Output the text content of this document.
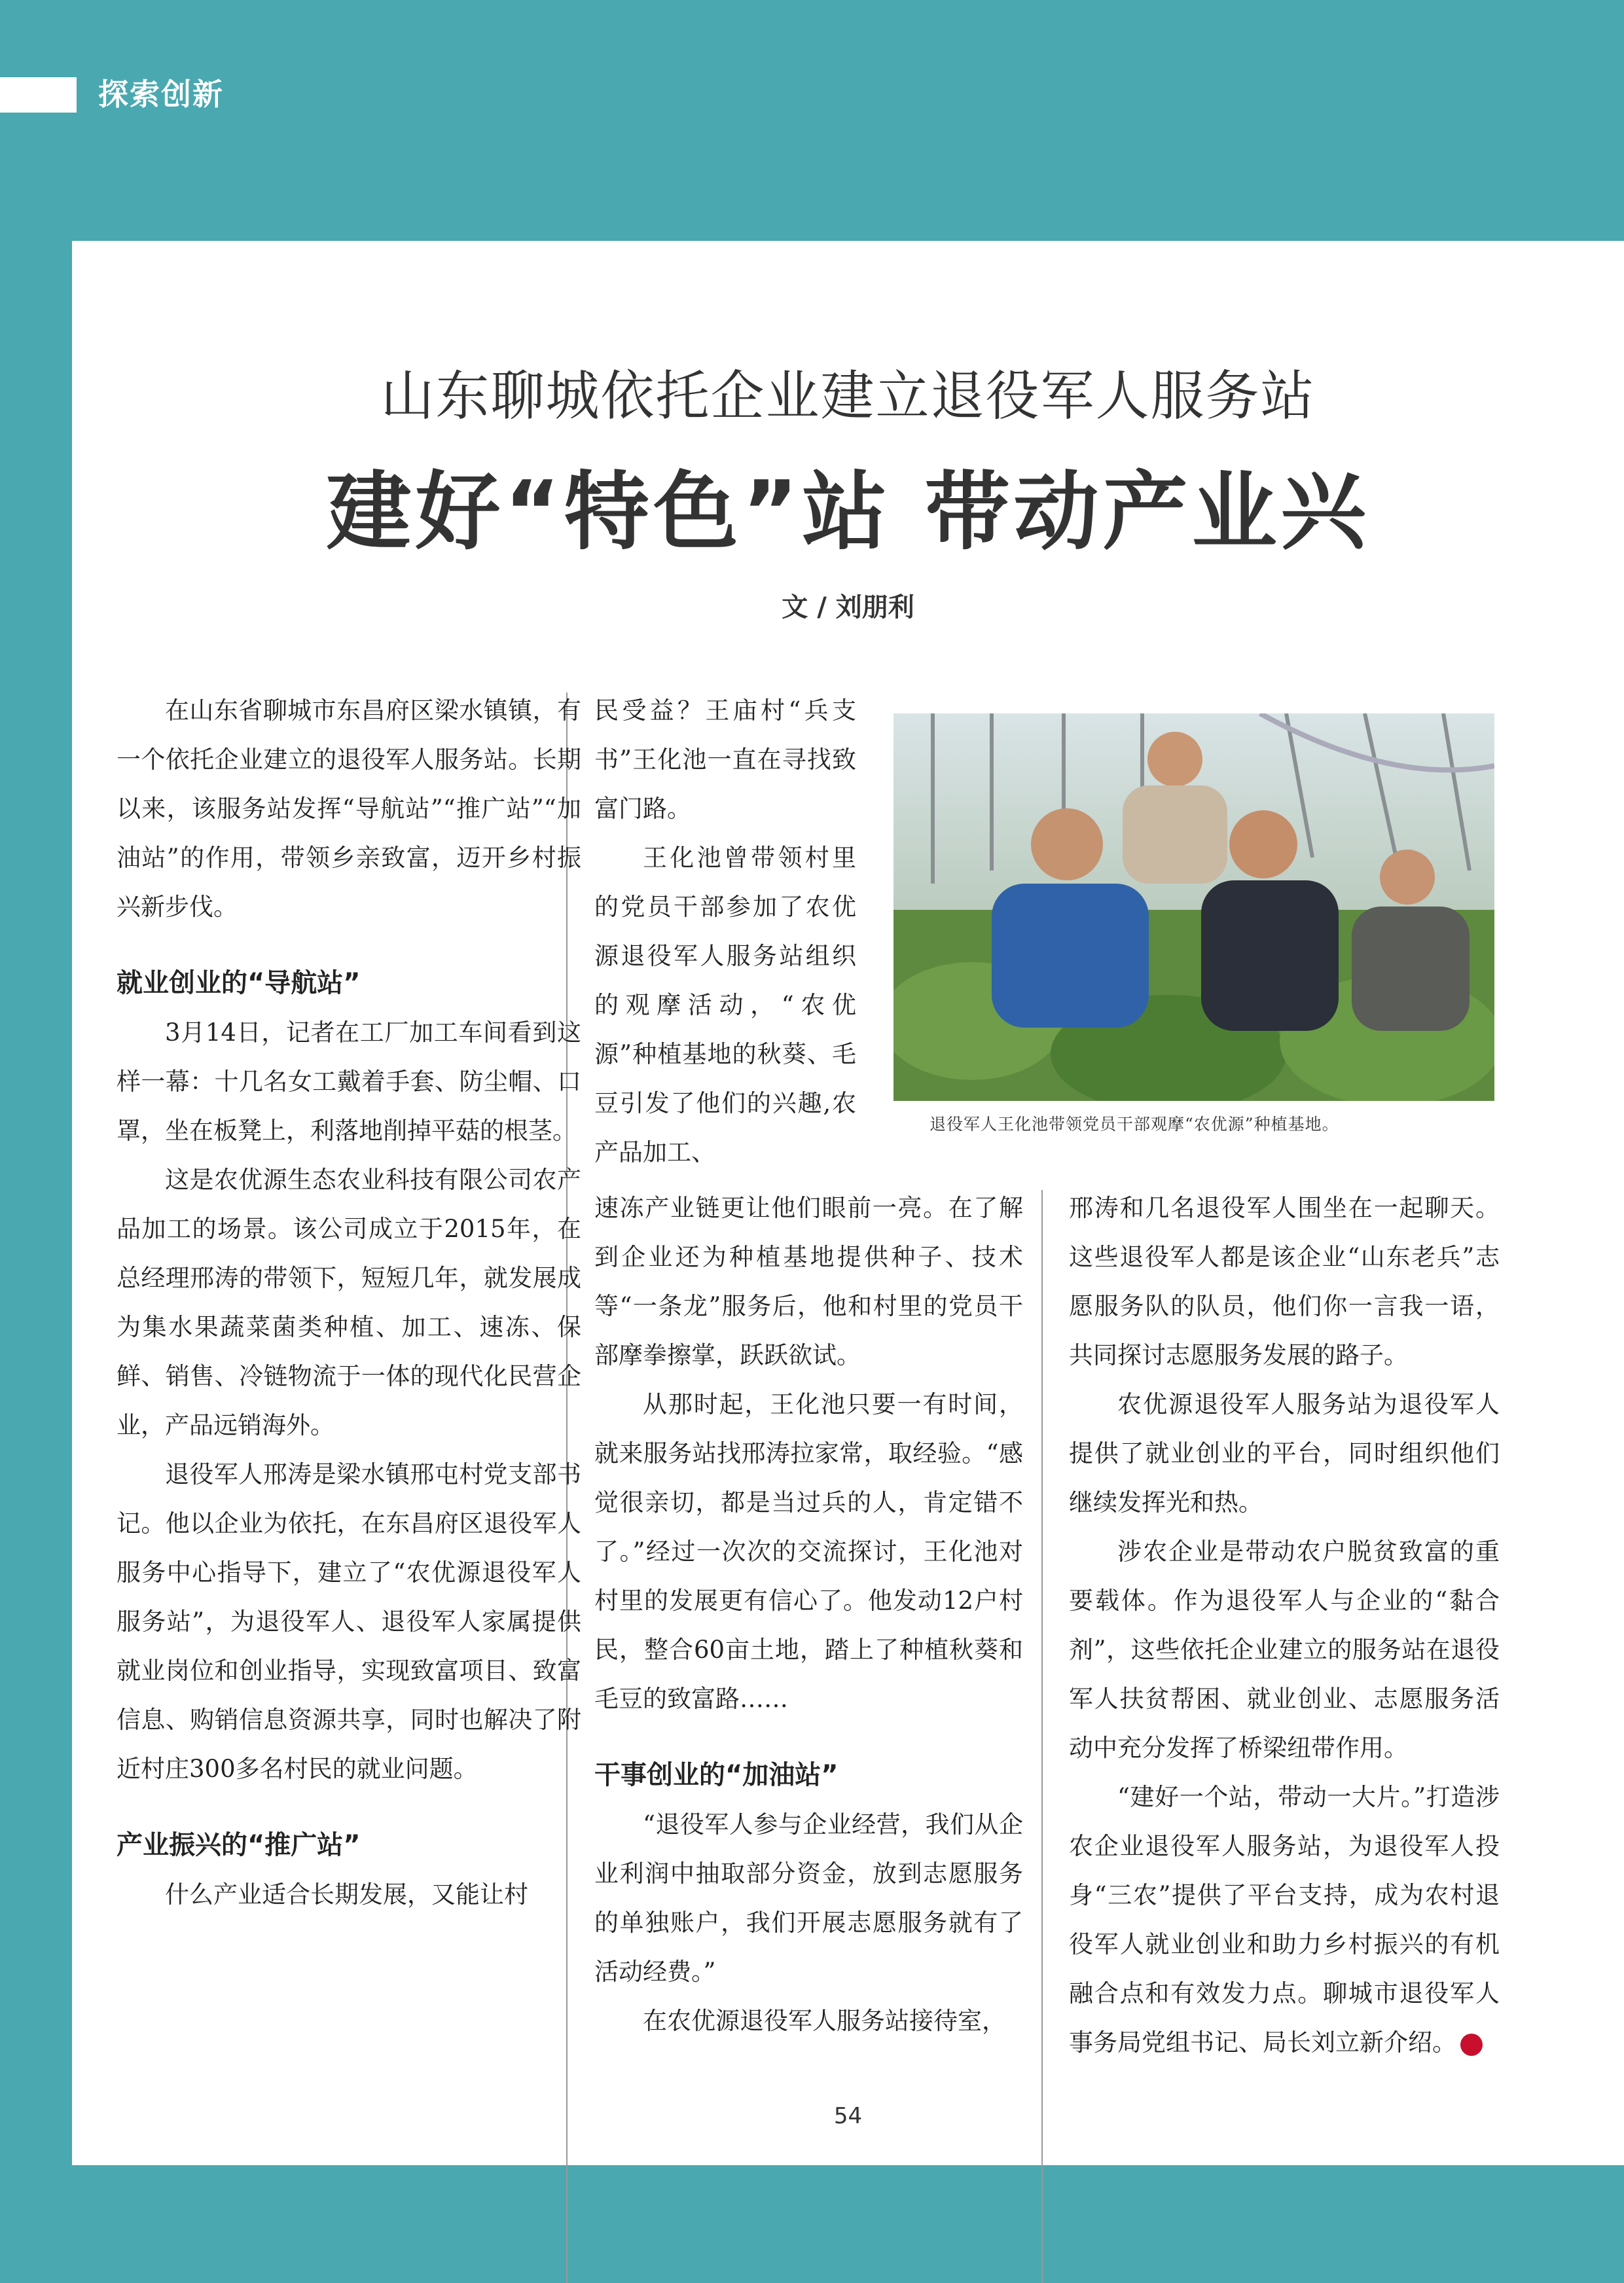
探索创新
山东聊城依托企业建立退役军人服务站
建好“特色”站 带动产业兴
文 / 刘朋利

在山东省聊城市东昌府区梁水镇镇，有一个依托企业建立的退役军人服务站。长期以来，该服务站发挥“导航站”“推广站”“加油站”的作用，带领乡亲致富，迈开乡村振兴新步伐。

就业创业的“导航站”

3月14日，记者在工厂加工车间看到这样一幕：十几名女工戴着手套、防尘帽、口罩，坐在板凳上，利落地削掉平菇的根茎。

这是农优源生态农业科技有限公司农产品加工的场景。该公司成立于2015年，在总经理邢涛的带领下，短短几年，就发展成为集水果蔬菜菌类种植、加工、速冻、保鲜、销售、冷链物流于一体的现代化民营企业，产品远销海外。

退役军人邢涛是梁水镇邢屯村党支部书记。他以企业为依托，在东昌府区退役军人服务中心指导下，建立了“农优源退役军人服务站”，为退役军人、退役军人家属提供就业岗位和创业指导，实现致富项目、致富信息、购销信息资源共享，同时也解决了附近村庄300多名村民的就业问题。

产业振兴的“推广站”

什么产业适合长期发展，又能让村

民受益？王庙村“兵支书”王化池一直在寻找致富门路。

王化池曾带领村里的党员干部参加了农优源退役军人服务站组织的观摩活动，“农优源”种植基地的秋葵、毛豆引发了他们的兴趣,农产品加工、

退役军人王化池带领党员干部观摩“农优源”种植基地。

速冻产业链更让他们眼前一亮。在了解到企业还为种植基地提供种子、技术等“一条龙”服务后，他和村里的党员干部摩拳擦掌，跃跃欲试。

从那时起，王化池只要一有时间，就来服务站找邢涛拉家常，取经验。“感觉很亲切，都是当过兵的人，肯定错不了。”经过一次次的交流探讨，王化池对村里的发展更有信心了。他发动12户村民，整合60亩土地，踏上了种植秋葵和毛豆的致富路……

干事创业的“加油站”

“退役军人参与企业经营，我们从企业利润中抽取部分资金，放到志愿服务的单独账户，我们开展志愿服务就有了活动经费。”

在农优源退役军人服务站接待室，

邢涛和几名退役军人围坐在一起聊天。这些退役军人都是该企业“山东老兵”志愿服务队的队员，他们你一言我一语，共同探讨志愿服务发展的路子。

农优源退役军人服务站为退役军人提供了就业创业的平台，同时组织他们继续发挥光和热。

涉农企业是带动农户脱贫致富的重要载体。作为退役军人与企业的“黏合剂”，这些依托企业建立的服务站在退役军人扶贫帮困、就业创业、志愿服务活动中充分发挥了桥梁纽带作用。

“建好一个站，带动一大片。”打造涉农企业退役军人服务站，为退役军人投身“三农”提供了平台支持，成为农村退役军人就业创业和助力乡村振兴的有机融合点和有效发力点。聊城市退役军人事务局党组书记、局长刘立新介绍。	V

54
